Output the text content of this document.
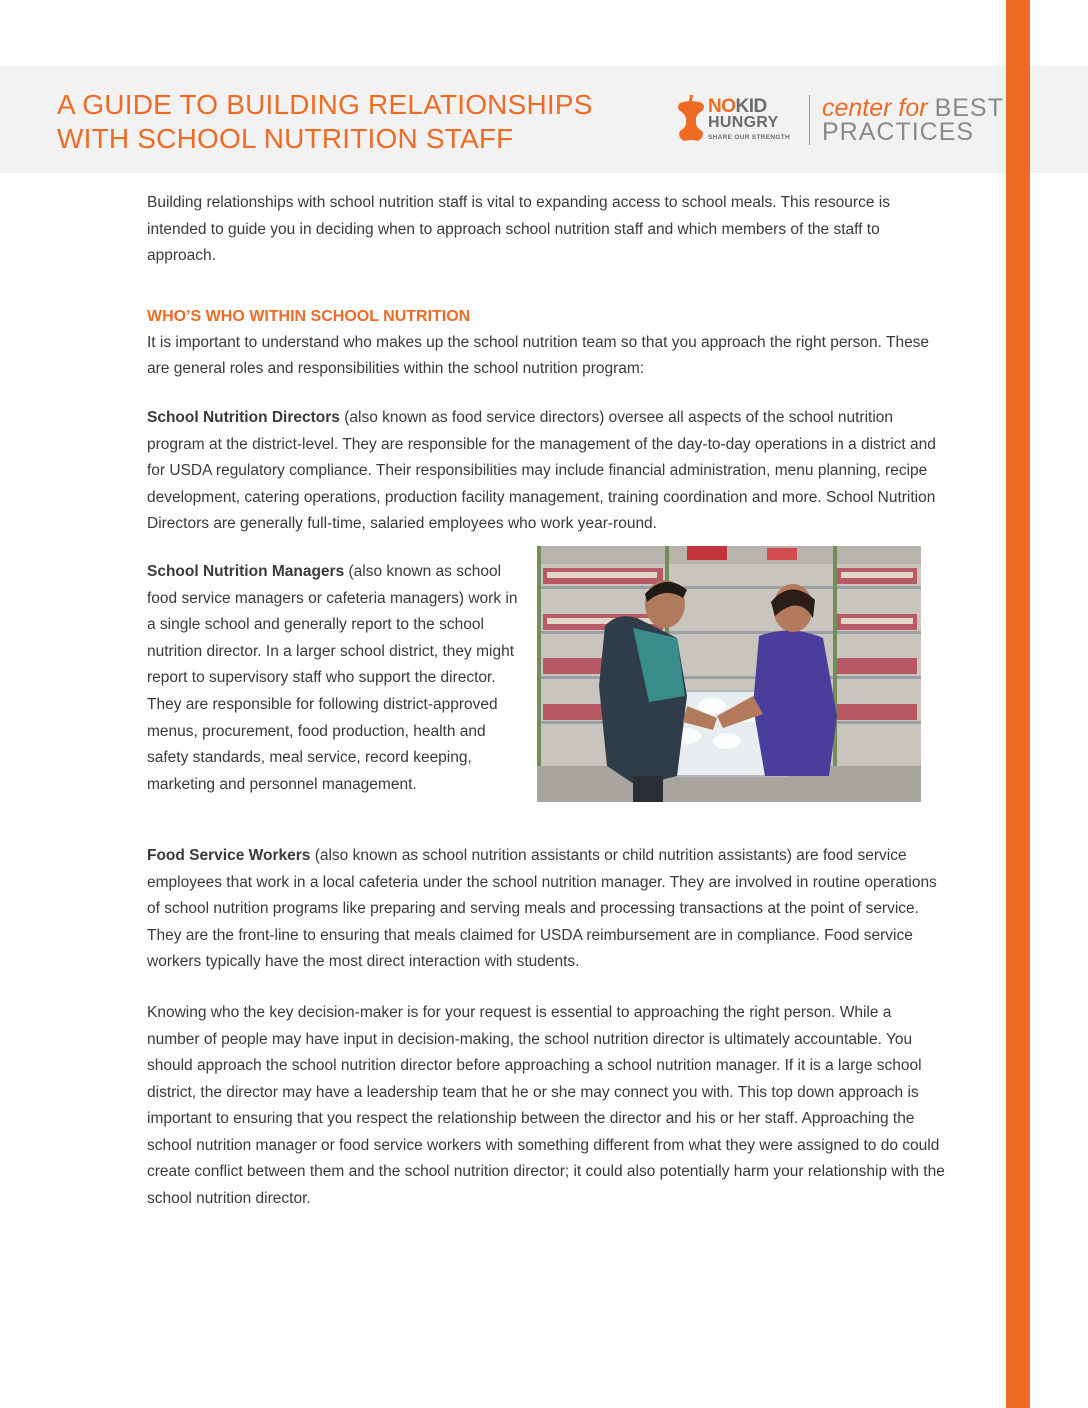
A GUIDE TO BUILDING RELATIONSHIPS
WITH SCHOOL NUTRITION STAFF
NOKID
HUNGRY
SHARE OUR STRENGTH
center for BEST
PRACTICES

Building relationships with school nutrition staff is vital to expanding access to school meals. This resource is intended to guide you in deciding when to approach school nutrition staff and which members of the staff to approach.

WHO’S WHO WITHIN SCHOOL NUTRITION

It is important to understand who makes up the school nutrition team so that you approach the right person. These are general roles and responsibilities within the school nutrition program:

School Nutrition Directors (also known as food service directors) oversee all aspects of the school nutrition program at the district-level. They are responsible for the management of the day-to-day operations in a district and for USDA regulatory compliance. Their responsibilities may include financial administration, menu planning, recipe development, catering operations, production facility management, training coordination and more. School Nutrition Directors are generally full-time, salaried employees who work year-round.

School Nutrition Managers (also known as school food service managers or cafeteria managers) work in a single school and generally report to the school nutrition director. In a larger school district, they might report to supervisory staff who support the director. They are responsible for following district-approved menus, procurement, food production, health and safety standards, meal service, record keeping, marketing and personnel management.

Food Service Workers (also known as school nutrition assistants or child nutrition assistants) are food service employees that work in a local cafeteria under the school nutrition manager. They are involved in routine operations of school nutrition programs like preparing and serving meals and processing transactions at the point of service. They are the front-line to ensuring that meals claimed for USDA reimbursement are in compliance. Food service workers typically have the most direct interaction with students.

Knowing who the key decision-maker is for your request is essential to approaching the right person. While a number of people may have input in decision-making, the school nutrition director is ultimately accountable. You should approach the school nutrition director before approaching a school nutrition manager. If it is a large school district, the director may have a leadership team that he or she may connect you with. This top down approach is important to ensuring that you respect the relationship between the director and his or her staff. Approaching the school nutrition manager or food service workers with something different from what they were assigned to do could create conflict between them and the school nutrition director; it could also potentially harm your relationship with the school nutrition director.
